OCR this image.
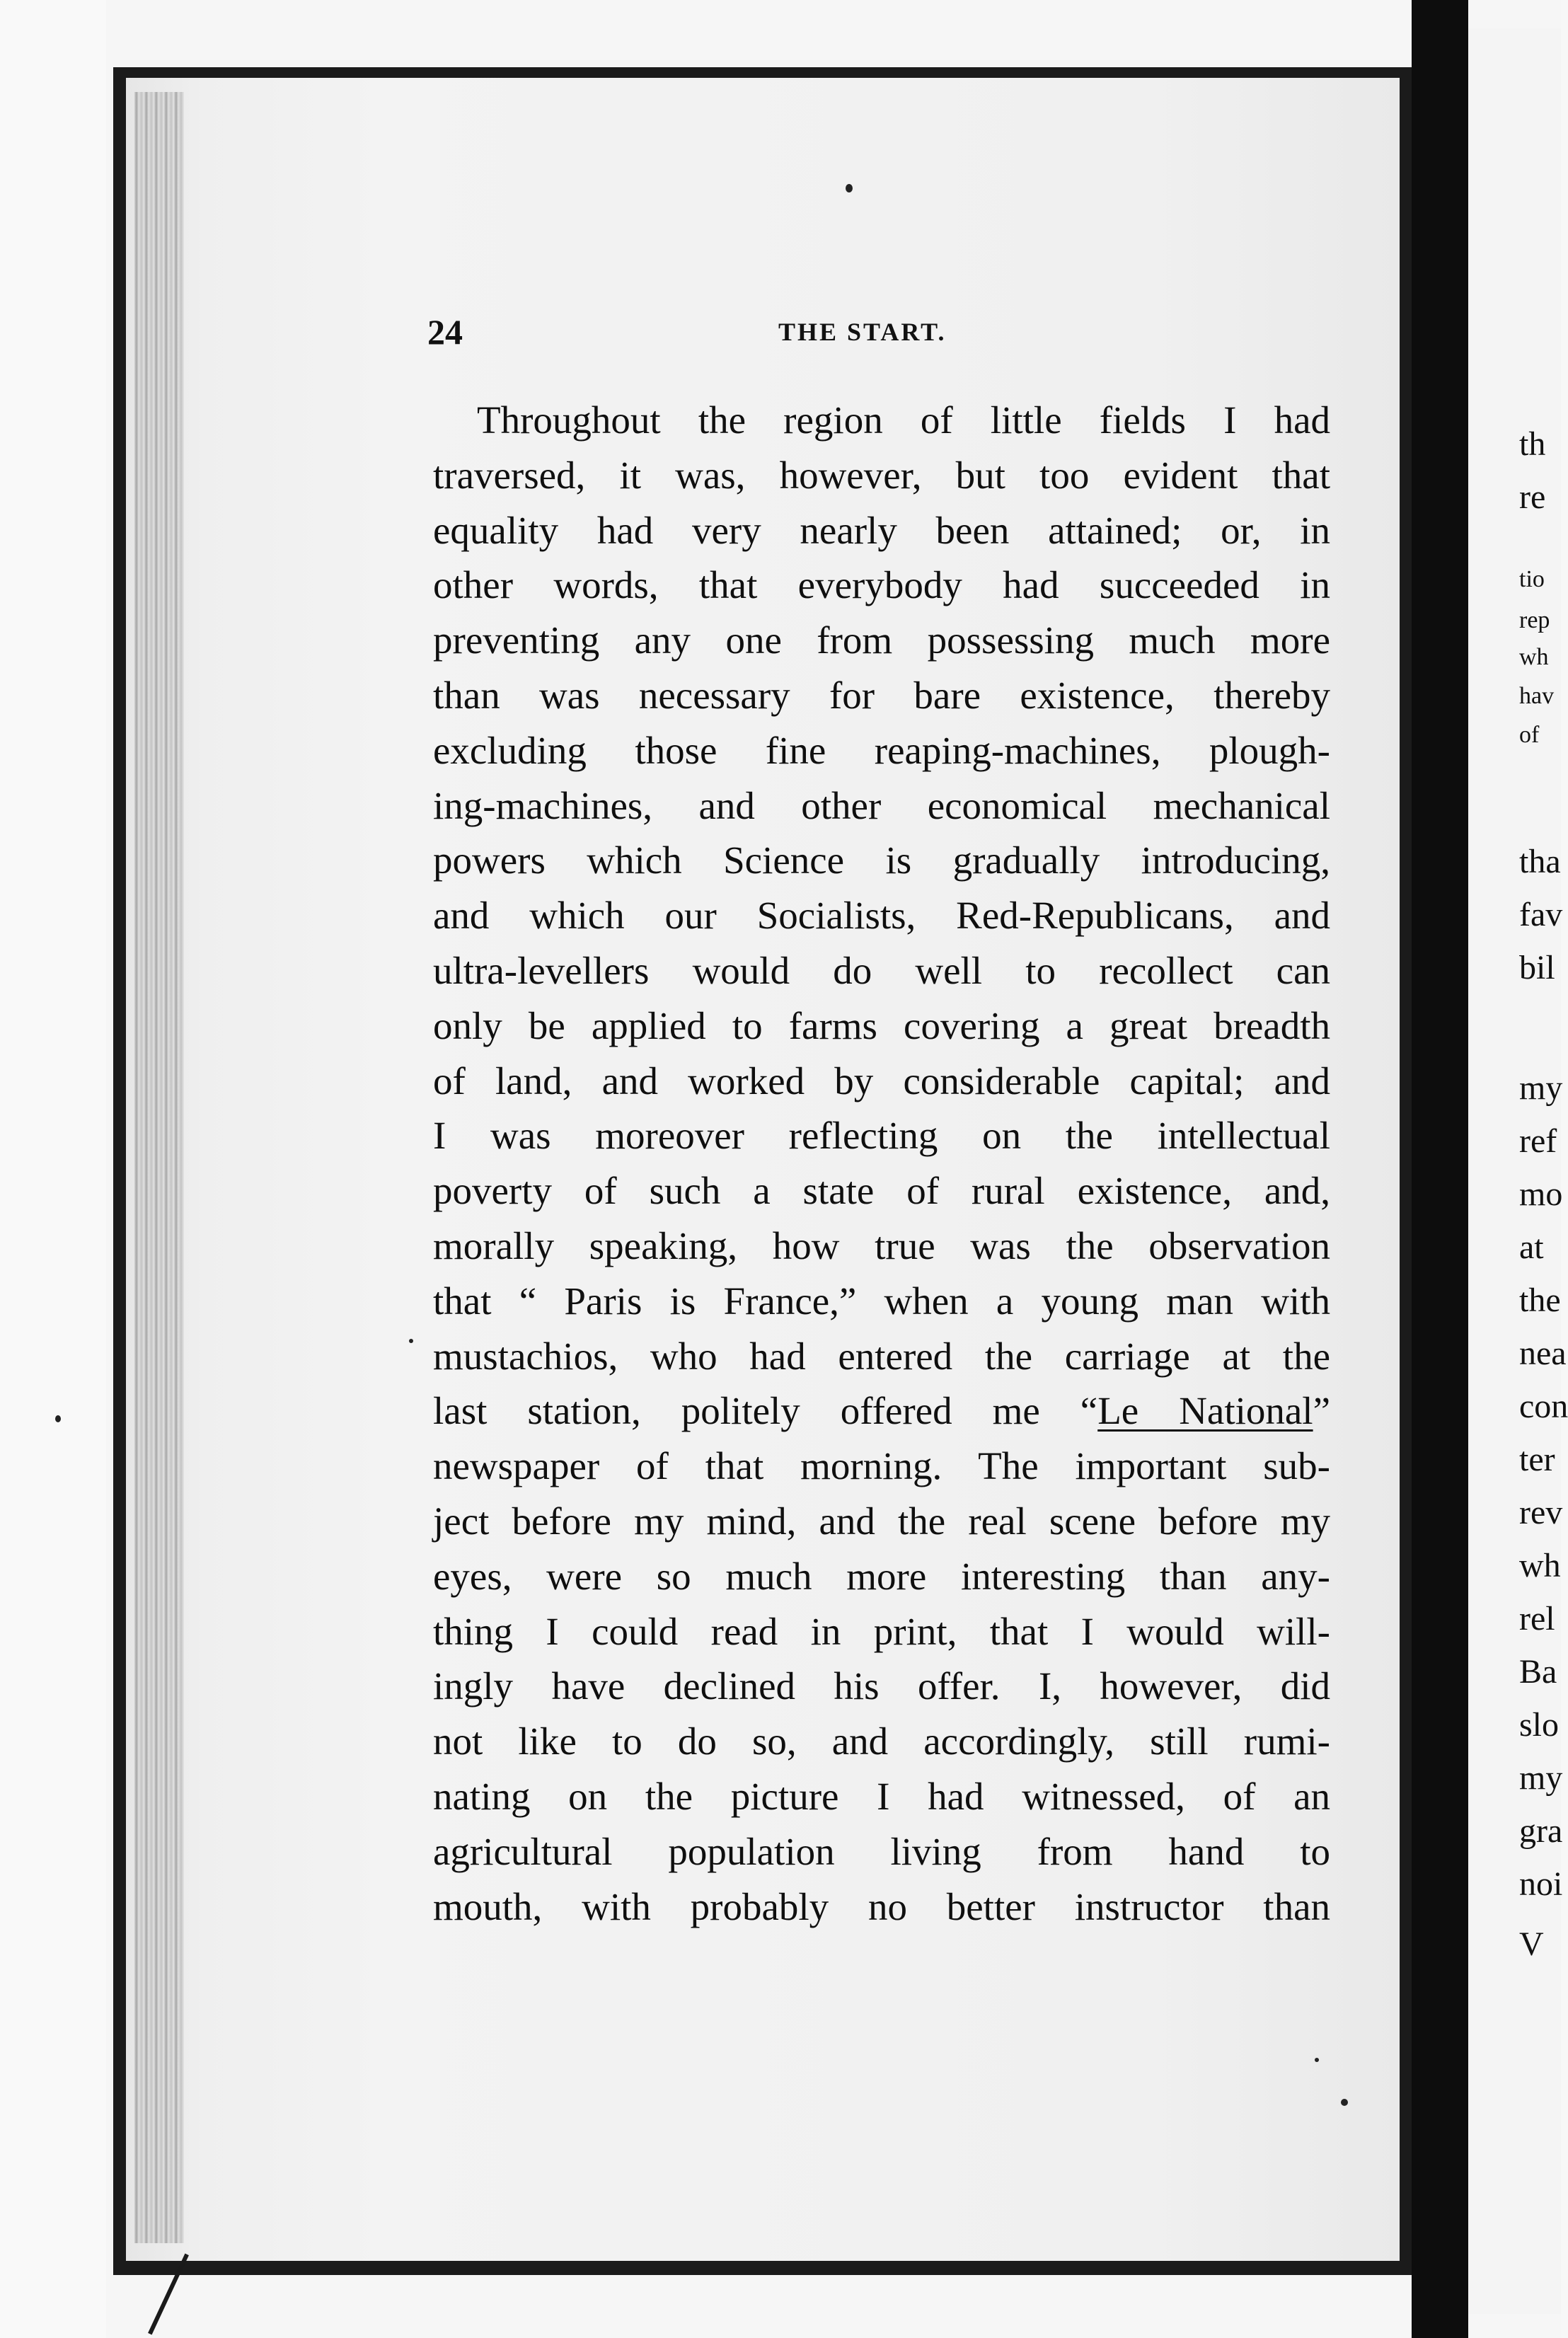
th
re
tio
rep
wh
hav
of
tha
fav
bil
my
ref
mo
at
the
nea
con
ter
rev
wh
rel
Ba
slo
my
gra
noi
V
24	THE START.
Throughout the region of little fields I had
traversed, it was, however, but too evident that
equality had very nearly been attained; or, in
other words, that everybody had succeeded in
preventing any one from possessing much more
than was necessary for bare existence, thereby
excluding those fine reaping-machines, plough-
ing-machines, and other economical mechanical
powers which Science is gradually introducing,
and which our Socialists, Red-Republicans, and
ultra-levellers would do well to recollect can
only be applied to farms covering a great breadth
of land, and worked by considerable capital; and
I was moreover reflecting on the intellectual
poverty of such a state of rural existence, and,
morally speaking, how true was the observation
that “ Paris is France,” when a young man with
mustachios, who had entered the carriage at the
last station, politely offered me “Le National”
newspaper of that morning. The important sub-
ject before my mind, and the real scene before my
eyes, were so much more interesting than any-
thing I could read in print, that I would will-
ingly have declined his offer. I, however, did
not like to do so, and accordingly, still rumi-
nating on the picture I had witnessed, of an
agricultural population living from hand to
mouth, with probably no better instructor than
